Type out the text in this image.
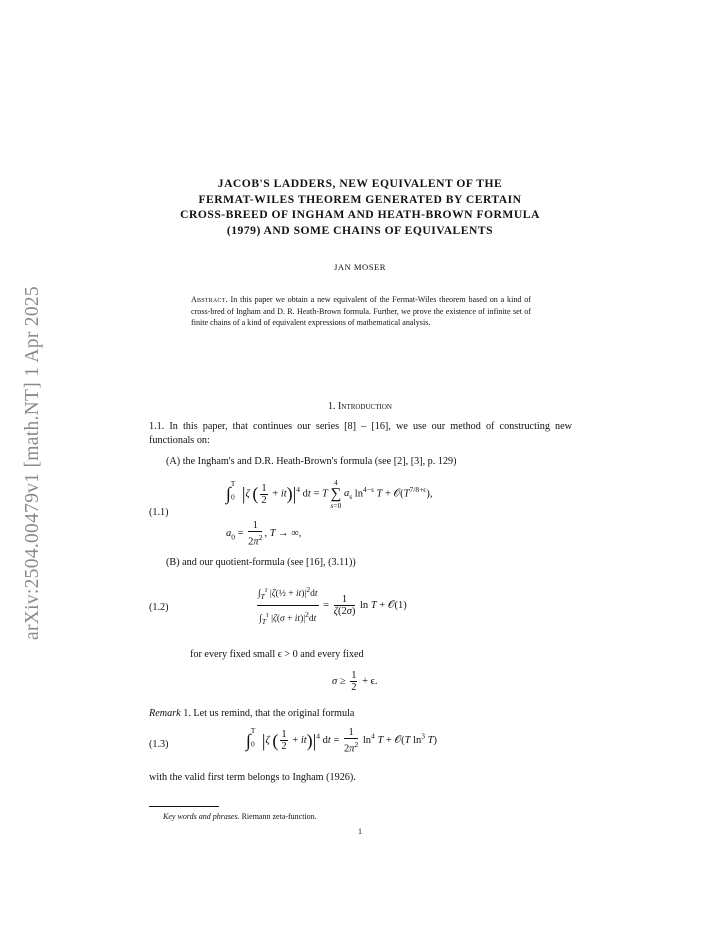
arXiv:2504.00479v1 [math.NT] 1 Apr 2025
JACOB'S LADDERS, NEW EQUIVALENT OF THE
FERMAT-WILES THEOREM GENERATED BY CERTAIN
CROSS-BREED OF INGHAM AND HEATH-BROWN FORMULA
(1979) AND SOME CHAINS OF EQUIVALENTS
JAN MOSER
Abstract. In this paper we obtain a new equivalent of the Fermat-Wiles theorem based on a kind of cross-bred of Ingham and D. R. Heath-Brown formula. Further, we prove the existence of infinite set of finite chains of a kind of equivalent expressions of mathematical analysis.
1. Introduction
1.1. In this paper, that continues our series [8] – [16], we use our method of constructing new functionals on:
(A) the Ingham's and D.R. Heath-Brown's formula (see [2], [3], p. 129)
(1.1)
$\int_0^T$ |ζ ( $\frac{1}{2} + it)|^4$ dt = T
4
∑
s=0
$a_s$ $\ln^{4-s} T$ + $𝒪(T^{7/8+\epsilon})$,
$a_0 = \frac{1}{2\pi^2}$ , T → ∞,
(B) and our quotient-formula (see [16], (3.11))
(1.2)	$\frac{\int_T^\tau |\zeta(\frac{1}{2} + it)|^2dt}{\int_T^\tau |\zeta(\sigma + it)|^2dt} = \frac{1}{\zeta(2\sigma)}$ ln T + 𝒪(1)
for every fixed small ϵ > 0 and every fixed
$\sigma \ge \frac{1}{2} + \epsilon$.
Remark 1. Let us remind, that the original formula
(1.3)	$\int_0^T$ |ζ ( $\frac{1}{2} + it)|^4$ dt = $\frac{1}{2\pi^2} \ln^4 T$ + 𝒪(T $\ln^3 T$)
with the valid first term belongs to Ingham (1926).
Key words and phrases. Riemann zeta-function.
1
